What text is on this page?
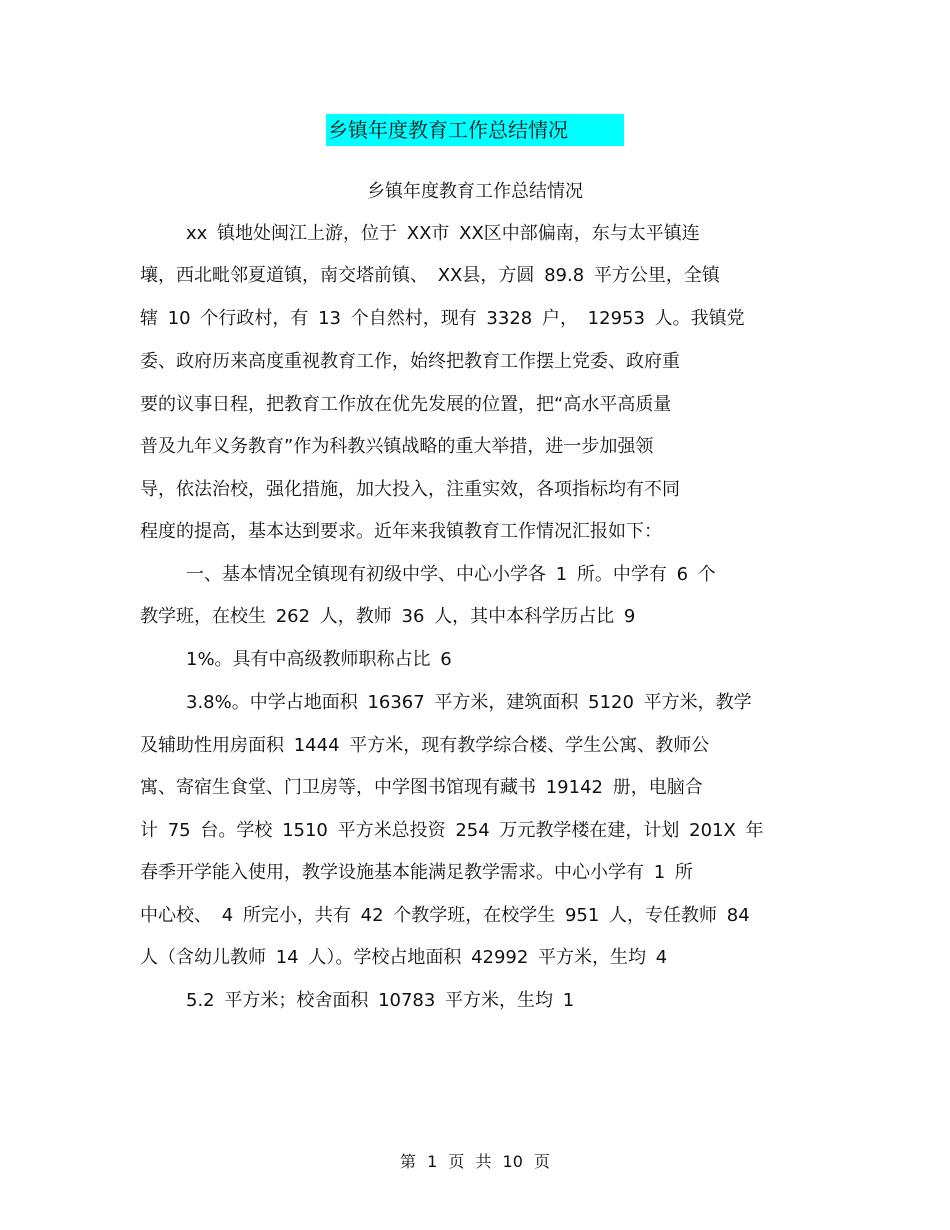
乡镇年度教育工作总结情况
乡镇年度教育工作总结情况
xx 镇地处闽江上游，位于 XX市 XX区中部偏南，东与太平镇连
壤，西北毗邻夏道镇，南交塔前镇、 XX县，方圆 89.8 平方公里，全镇
辖 10 个行政村，有 13 个自然村，现有 3328 户， 12953 人。我镇党
委、政府历来高度重视教育工作，始终把教育工作摆上党委、政府重
要的议事日程，把教育工作放在优先发展的位置，把“高水平高质量
普及九年义务教育”作为科教兴镇战略的重大举措，进一步加强领
导，依法治校，强化措施，加大投入，注重实效，各项指标均有不同
程度的提高，基本达到要求。近年来我镇教育工作情况汇报如下：
一、基本情况全镇现有初级中学、中心小学各 1 所。中学有 6 个
教学班，在校生 262 人，教师 36 人，其中本科学历占比 9
1%。具有中高级教师职称占比 6
3.8%。中学占地面积 16367 平方米，建筑面积 5120 平方米，教学
及辅助性用房面积 1444 平方米，现有教学综合楼、学生公寓、教师公
寓、寄宿生食堂、门卫房等，中学图书馆现有藏书 19142 册，电脑合
计 75 台。学校 1510 平方米总投资 254 万元教学楼在建，计划 201X 年
春季开学能入使用，教学设施基本能满足教学需求。中心小学有 1 所
中心校、 4 所完小，共有 42 个教学班，在校学生 951 人，专任教师 84
人（含幼儿教师 14 人）。学校占地面积 42992 平方米，生均 4
5.2 平方米；校舍面积 10783 平方米，生均 1
第 1 页 共 10 页
